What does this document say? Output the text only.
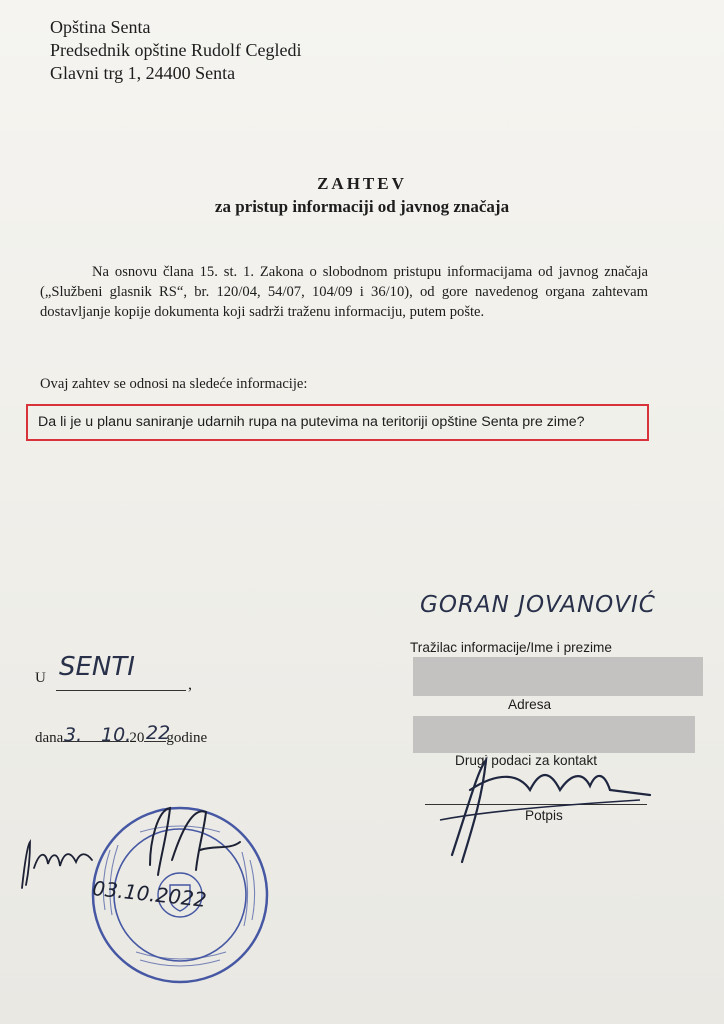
Opština Senta
Predsednik opštine Rudolf Cegledi
Glavni trg 1, 24400 Senta
ZAHTEV
za pristup informaciji od javnog značaja
Na osnovu člana 15. st. 1. Zakona o slobodnom pristupu informacijama od javnog značaja („Službeni glasnik RS“, br. 120/04, 54/07, 104/09 i 36/10), od gore navedenog organa zahtevam dostavljanje kopije dokumenta koji sadrži traženu informaciju, putem pošte.
Ovaj zahtev se odnosi na sledeće informacije:
Da li je u planu saniranje udarnih rupa na putevima na teritoriji opštine Senta pre zime?
GORAN JOVANOVIĆ
Tražilac informacije/Ime i prezime
Adresa
Drugi podaci za kontakt
Potpis
U SENTI
,
dana	20 godine
3. 10. 22
03.10.2022
